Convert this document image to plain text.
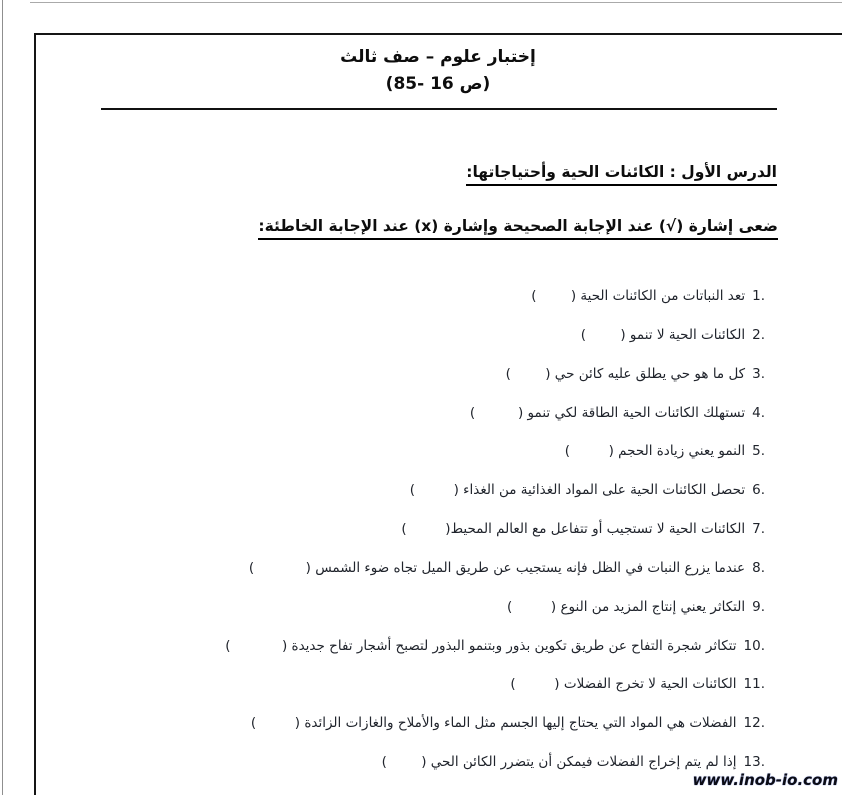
إختبار علوم – صف ثالث
(ص 16 -85)
الدرس الأول : الكائنات الحية وأحتياجاتها:
ضعى إشارة (√) عند الإجابة الصحيحة وإشارة (x) عند الإجابة الخاطئة:
1.
تعد النباتات من الكائنات الحية (        )
2.
الكائنات الحية لا تنمو (        )
3.
كل ما هو حي يطلق عليه كائن حي (        )
4.
تستهلك الكائنات الحية الطاقة لكي تنمو (          )
5.
النمو يعني زيادة الحجم (         )
6.
تحصل الكائنات الحية على المواد الغذائية من الغذاء (         )
7.
الكائنات الحية لا تستجيب أو تتفاعل مع العالم المحيط(         )
8.
عندما يزرع النبات في الظل فإنه يستجيب عن طريق الميل تجاه ضوء الشمس (            )
9.
التكاثر يعني إنتاج المزيد من النوع (         )
10.
تتكاثر شجرة التفاح عن طريق تكوين بذور وبتنمو البذور لتصبح أشجار تفاح جديدة (            )
11.
الكائنات الحية لا تخرج الفضلات (         )
12.
الفضلات هي المواد التي يحتاج إليها الجسم مثل الماء والأملاح والغازات الزائدة (         )
13.
إذا لم يتم إخراج الفضلات فيمكن أن يتضرر الكائن الحي (        )
www.inob-io.com
